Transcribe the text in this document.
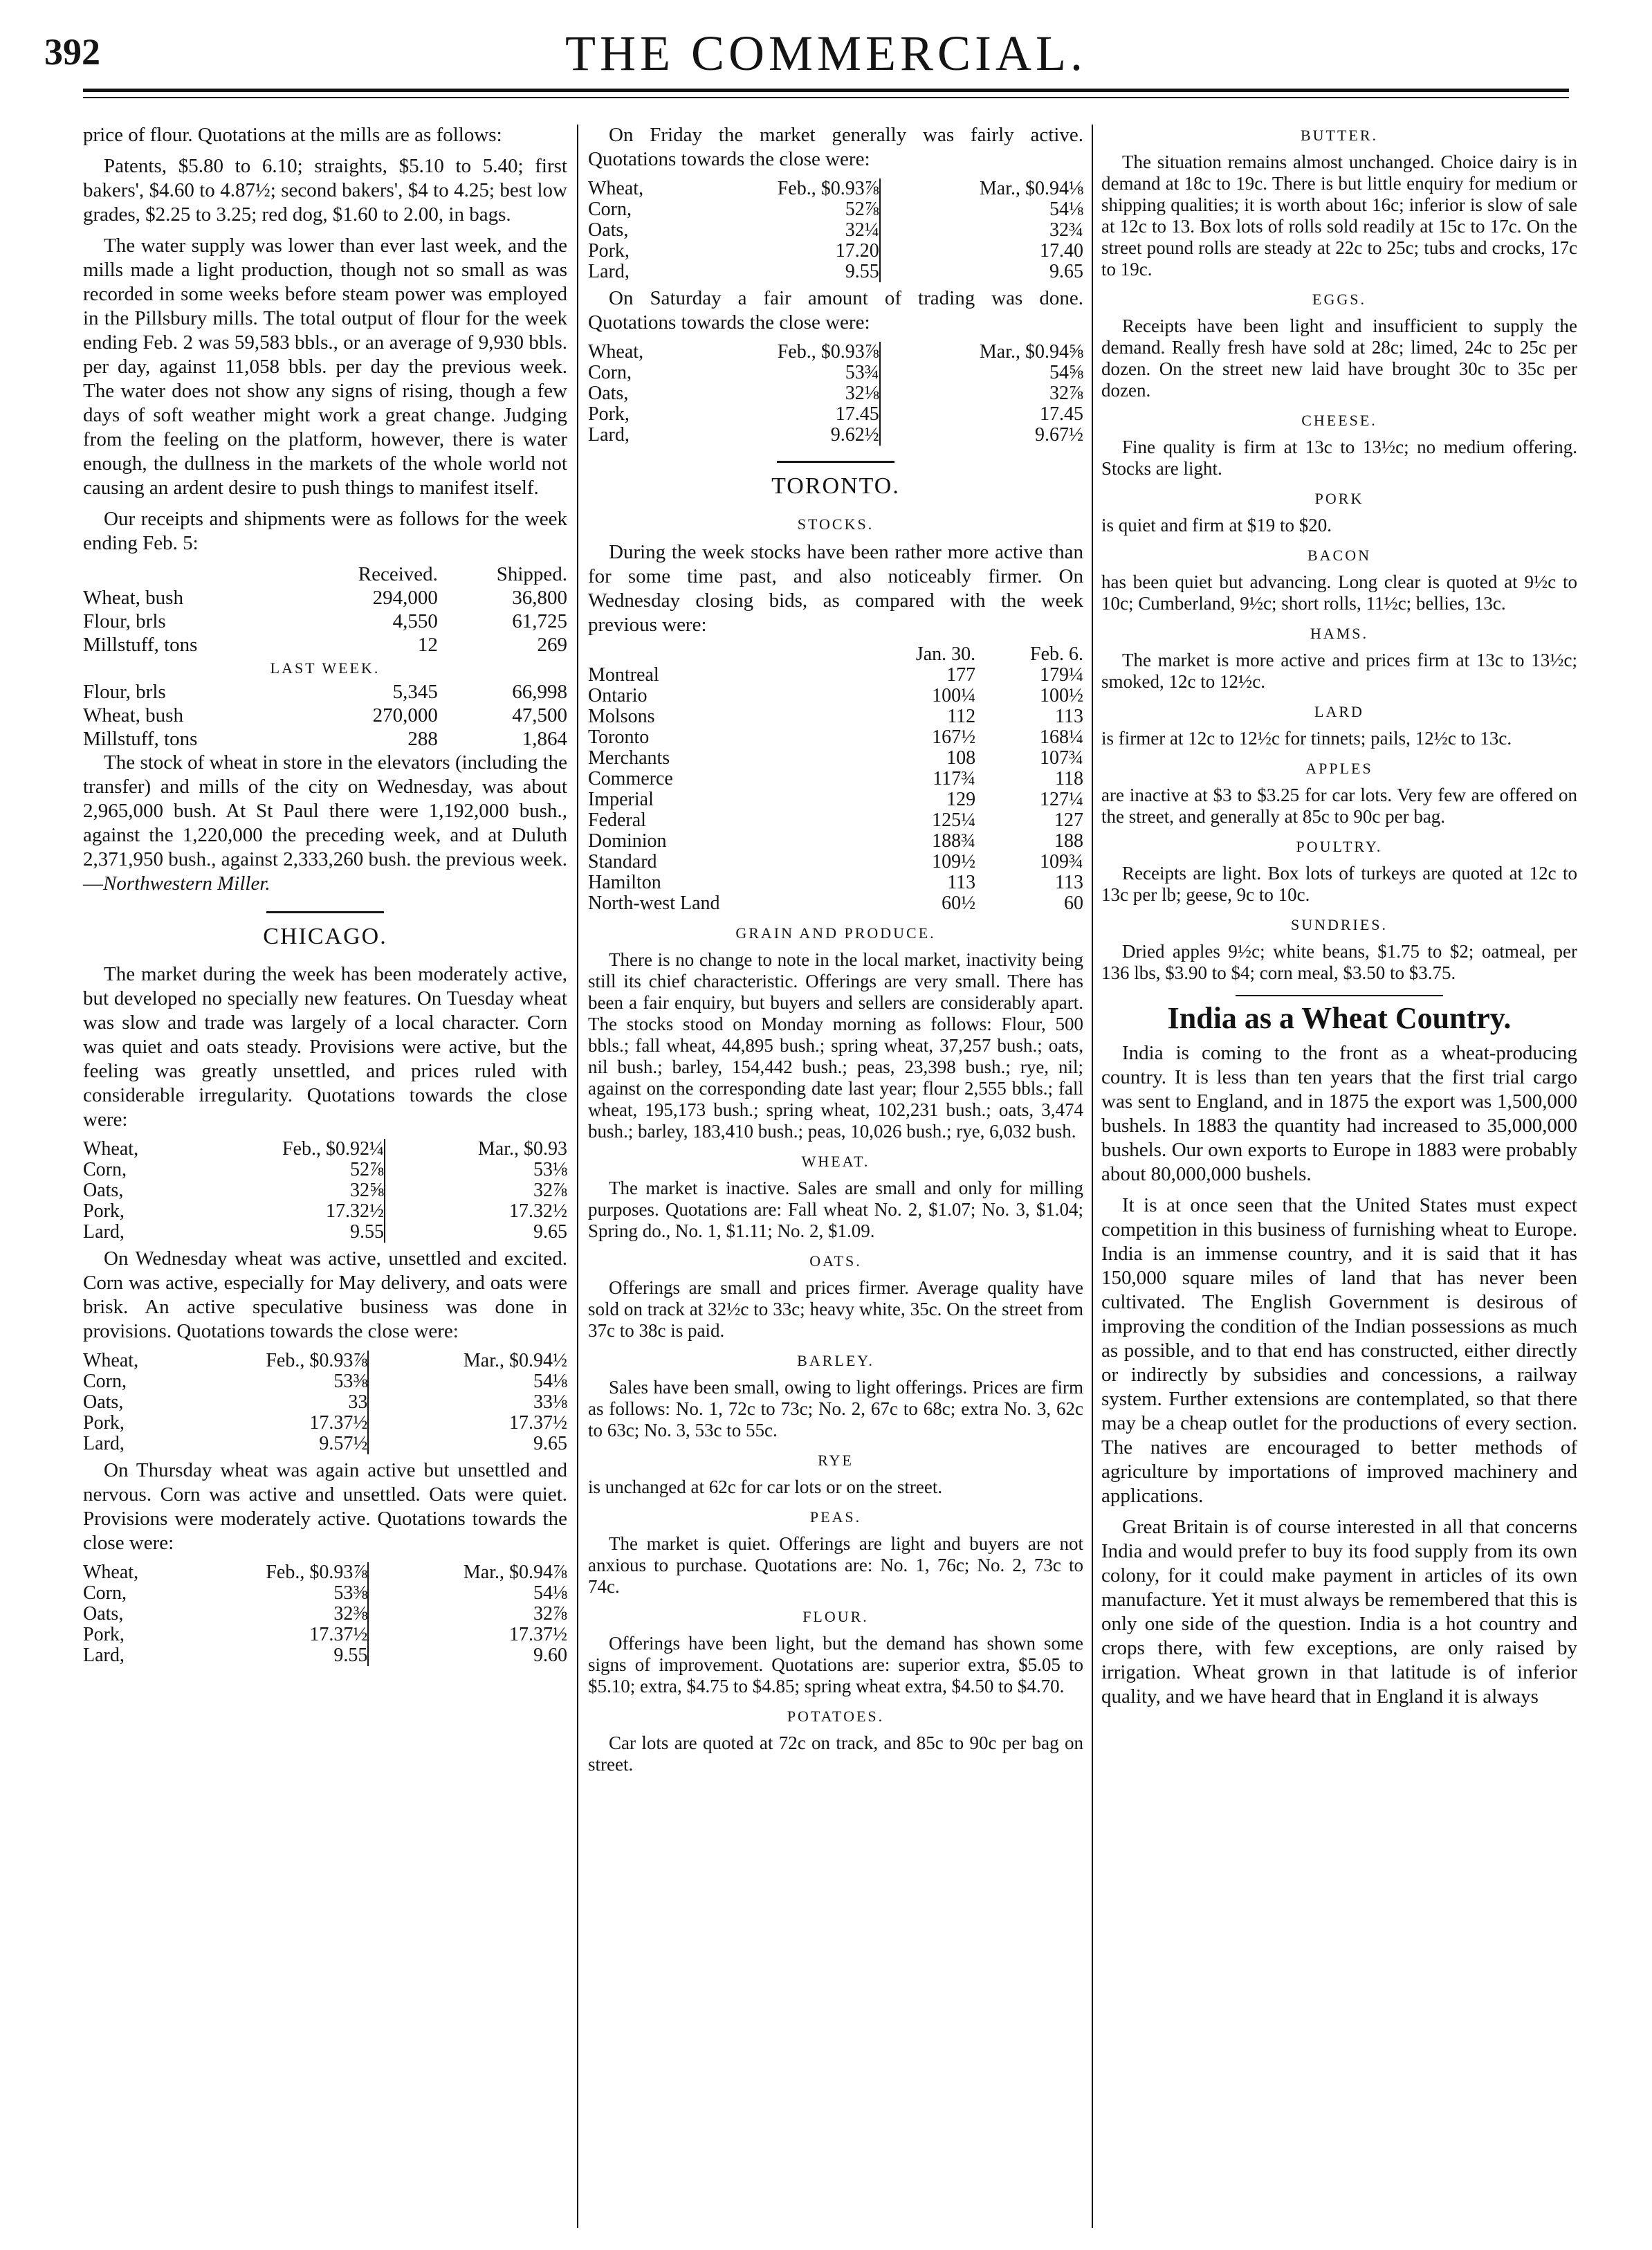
392	THE COMMERCIAL.

price of flour. Quotations at the mills are as follows:

Patents, $5.80 to 6.10; straights, $5.10 to 5.40; first bakers', $4.60 to 4.87½; second bakers', $4 to 4.25; best low grades, $2.25 to 3.25; red dog, $1.60 to 2.00, in bags.

The water supply was lower than ever last week, and the mills made a light production, though not so small as was recorded in some weeks before steam power was employed in the Pillsbury mills. The total output of flour for the week ending Feb. 2 was 59,583 bbls., or an average of 9,930 bbls. per day, against 11,058 bbls. per day the previous week. The water does not show any signs of rising, though a few days of soft weather might work a great change. Judging from the feeling on the platform, however, there is water enough, the dullness in the markets of the whole world not causing an ardent desire to push things to manifest itself.

Our receipts and shipments were as follows for the week ending Feb. 5:

	Received.	Shipped.
Wheat, bush	294,000	36,800
Flour, brls	4,550	61,725
Millstuff, tons	12	269
LAST WEEK.		
Flour, brls	5,345	66,998
Wheat, bush	270,000	47,500
Millstuff, tons	288	1,864

The stock of wheat in store in the elevators (including the transfer) and mills of the city on Wednesday, was about 2,965,000 bush. At St Paul there were 1,192,000 bush., against the 1,220,000 the preceding week, and at Duluth 2,371,950 bush., against 2,333,260 bush. the previous week.—Northwestern Miller.

CHICAGO.

The market during the week has been moderately active, but developed no specially new features. On Tuesday wheat was slow and trade was largely of a local character. Corn was quiet and oats steady. Provisions were active, but the feeling was greatly unsettled, and prices ruled with considerable irregularity. Quotations towards the close were:

Wheat,	Feb., $0.92¼	Mar., $0.93
Corn,	52⅞	53⅛
Oats,	32⅝	32⅞
Pork,	17.32½	17.32½
Lard,	9.55	9.65

On Wednesday wheat was active, unsettled and excited. Corn was active, especially for May delivery, and oats were brisk. An active speculative business was done in provisions. Quotations towards the close were:

Wheat,	Feb., $0.93⅞	Mar., $0.94½
Corn,	53⅜	54⅛
Oats,	33	33⅛
Pork,	17.37½	17.37½
Lard,	9.57½	9.65

On Thursday wheat was again active but unsettled and nervous. Corn was active and unsettled. Oats were quiet. Provisions were moderately active. Quotations towards the close were:

Wheat,	Feb., $0.93⅞	Mar., $0.94⅞
Corn,	53⅜	54⅛
Oats,	32⅜	32⅞
Pork,	17.37½	17.37½
Lard,	9.55	9.60

On Friday the market generally was fairly active. Quotations towards the close were:

Wheat,	Feb., $0.93⅞	Mar., $0.94⅛
Corn,	52⅞	54⅛
Oats,	32¼	32¾
Pork,	17.20	17.40
Lard,	9.55	9.65

On Saturday a fair amount of trading was done. Quotations towards the close were:

Wheat,	Feb., $0.93⅞	Mar., $0.94⅝
Corn,	53¾	54⅝
Oats,	32⅛	32⅞
Pork,	17.45	17.45
Lard,	9.62½	9.67½
TORONTO.
STOCKS.

During the week stocks have been rather more active than for some time past, and also noticeably firmer. On Wednesday closing bids, as compared with the week previous were:

	Jan. 30.	Feb. 6.
Montreal	177	179¼
Ontario	100¼	100½
Molsons	112	113
Toronto	167½	168¼
Merchants	108	107¾
Commerce	117¾	118
Imperial	129	127¼
Federal	125¼	127
Dominion	188¾	188
Standard	109½	109¾
Hamilton	113	113
North-west Land	60½	60
GRAIN AND PRODUCE.

There is no change to note in the local market, inactivity being still its chief characteristic. Offerings are very small. There has been a fair enquiry, but buyers and sellers are considerably apart. The stocks stood on Monday morning as follows: Flour, 500 bbls.; fall wheat, 44,895 bush.; spring wheat, 37,257 bush.; oats, nil bush.; barley, 154,442 bush.; peas, 23,398 bush.; rye, nil; against on the corresponding date last year; flour 2,555 bbls.; fall wheat, 195,173 bush.; spring wheat, 102,231 bush.; oats, 3,474 bush.; barley, 183,410 bush.; peas, 10,026 bush.; rye, 6,032 bush.

WHEAT.

The market is inactive. Sales are small and only for milling purposes. Quotations are: Fall wheat No. 2, $1.07; No. 3, $1.04; Spring do., No. 1, $1.11; No. 2, $1.09.

OATS.

Offerings are small and prices firmer. Average quality have sold on track at 32½c to 33c; heavy white, 35c. On the street from 37c to 38c is paid.

BARLEY.

Sales have been small, owing to light offerings. Prices are firm as follows: No. 1, 72c to 73c; No. 2, 67c to 68c; extra No. 3, 62c to 63c; No. 3, 53c to 55c.

RYE

is unchanged at 62c for car lots or on the street.

PEAS.

The market is quiet. Offerings are light and buyers are not anxious to purchase. Quotations are: No. 1, 76c; No. 2, 73c to 74c.

FLOUR.

Offerings have been light, but the demand has shown some signs of improvement. Quotations are: superior extra, $5.05 to $5.10; extra, $4.75 to $4.85; spring wheat extra, $4.50 to $4.70.

POTATOES.

Car lots are quoted at 72c on track, and 85c to 90c per bag on street.

BUTTER.

The situation remains almost unchanged. Choice dairy is in demand at 18c to 19c. There is but little enquiry for medium or shipping qualities; it is worth about 16c; inferior is slow of sale at 12c to 13. Box lots of rolls sold readily at 15c to 17c. On the street pound rolls are steady at 22c to 25c; tubs and crocks, 17c to 19c.

EGGS.

Receipts have been light and insufficient to supply the demand. Really fresh have sold at 28c; limed, 24c to 25c per dozen. On the street new laid have brought 30c to 35c per dozen.

CHEESE.

Fine quality is firm at 13c to 13½c; no medium offering. Stocks are light.

PORK

is quiet and firm at $19 to $20.

BACON

has been quiet but advancing. Long clear is quoted at 9½c to 10c; Cumberland, 9½c; short rolls, 11½c; bellies, 13c.

HAMS.

The market is more active and prices firm at 13c to 13½c; smoked, 12c to 12½c.

LARD

is firmer at 12c to 12½c for tinnets; pails, 12½c to 13c.

APPLES

are inactive at $3 to $3.25 for car lots. Very few are offered on the street, and generally at 85c to 90c per bag.

POULTRY.

Receipts are light. Box lots of turkeys are quoted at 12c to 13c per lb; geese, 9c to 10c.

SUNDRIES.

Dried apples 9½c; white beans, $1.75 to $2; oatmeal, per 136 lbs, $3.90 to $4; corn meal, $3.50 to $3.75.

India as a Wheat Country.

India is coming to the front as a wheat-producing country. It is less than ten years that the first trial cargo was sent to England, and in 1875 the export was 1,500,000 bushels. In 1883 the quantity had increased to 35,000,000 bushels. Our own exports to Europe in 1883 were probably about 80,000,000 bushels.

It is at once seen that the United States must expect competition in this business of furnishing wheat to Europe. India is an immense country, and it is said that it has 150,000 square miles of land that has never been cultivated. The English Government is desirous of improving the condition of the Indian possessions as much as possible, and to that end has constructed, either directly or indirectly by subsidies and concessions, a railway system. Further extensions are contemplated, so that there may be a cheap outlet for the productions of every section. The natives are encouraged to better methods of agriculture by importations of improved machinery and applications.

Great Britain is of course interested in all that concerns India and would prefer to buy its food supply from its own colony, for it could make payment in articles of its own manufacture. Yet it must always be remembered that this is only one side of the question. India is a hot country and crops there, with few exceptions, are only raised by irrigation. Wheat grown in that latitude is of inferior quality, and we have heard that in England it is always
